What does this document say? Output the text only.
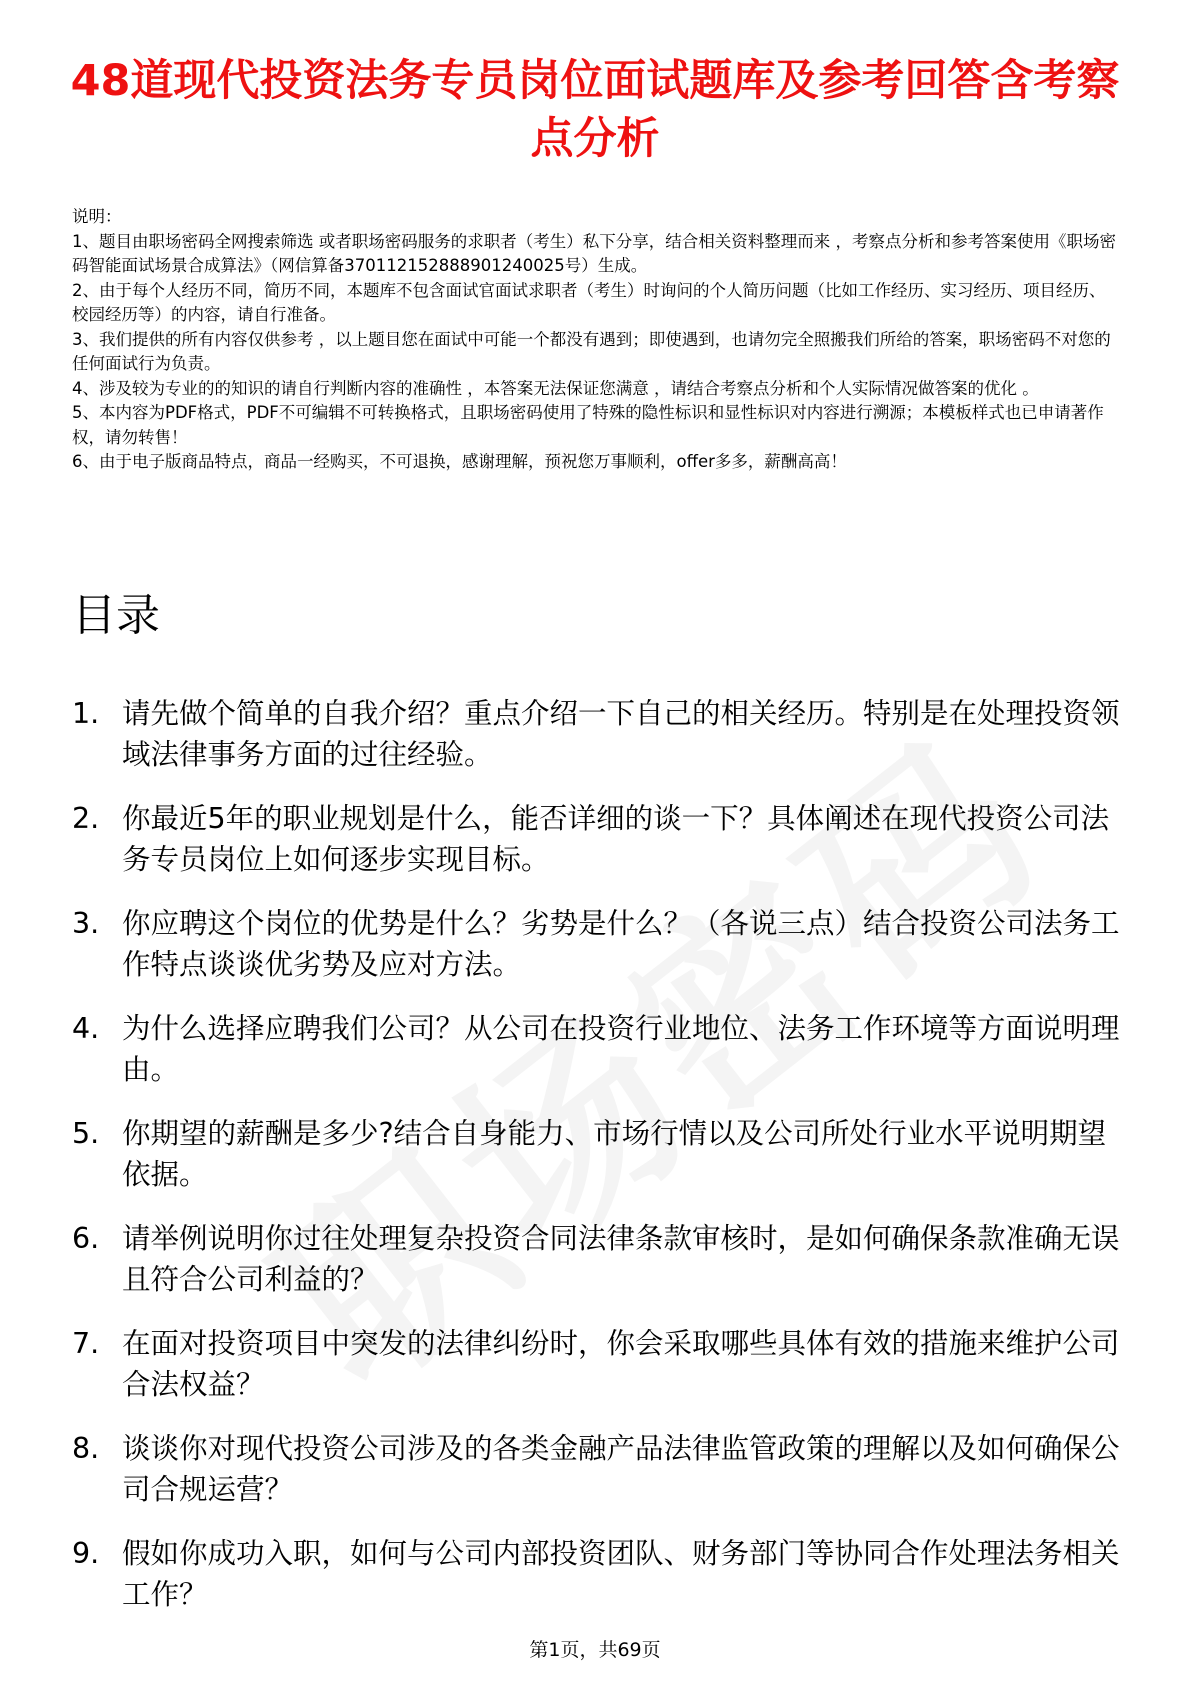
48道现代投资法务专员岗位面试题库及参考回答含考察点分析

说明：

1、题目由职场密码全网搜索筛选 或者职场密码服务的求职者（考生）私下分享，结合相关资料整理而来 ，考察点分析和参考答案使用《职场密码智能面试场景合成算法》（网信算备370112152888901240025号）生成。

2、由于每个人经历不同，简历不同，本题库不包含面试官面试求职者（考生）时询问的个人简历问题（比如工作经历、实习经历、项目经历、校园经历等）的内容，请自行准备。

3、我们提供的所有内容仅供参考 ，以上题目您在面试中可能一个都没有遇到；即使遇到，也请勿完全照搬我们所给的答案，职场密码不对您的任何面试行为负责。

4、涉及较为专业的的知识的请自行判断内容的准确性 ，本答案无法保证您满意 ，请结合考察点分析和个人实际情况做答案的优化 。

5、本内容为PDF格式，PDF不可编辑不可转换格式，且职场密码使用了特殊的隐性标识和显性标识对内容进行溯源；本模板样式也已申请著作权，请勿转售！

6、由于电子版商品特点，商品一经购买，不可退换，感谢理解，预祝您万事顺利，offer多多，薪酬高高！

目录
1. 请先做个简单的自我介绍？重点介绍一下自己的相关经历。特别是在处理投资领域法律事务方面的过往经验。
2. 你最近5年的职业规划是什么，能否详细的谈一下？具体阐述在现代投资公司法务专员岗位上如何逐步实现目标。
3. 你应聘这个岗位的优势是什么？劣势是什么？（各说三点）结合投资公司法务工作特点谈谈优劣势及应对方法。
4. 为什么选择应聘我们公司？从公司在投资行业地位、法务工作环境等方面说明理由。
5. 你期望的薪酬是多少?结合自身能力、市场行情以及公司所处行业水平说明期望依据。
6. 请举例说明你过往处理复杂投资合同法律条款审核时，是如何确保条款准确无误且符合公司利益的？
7. 在面对投资项目中突发的法律纠纷时，你会采取哪些具体有效的措施来维护公司合法权益？
8. 谈谈你对现代投资公司涉及的各类金融产品法律监管政策的理解以及如何确保公司合规运营？
9. 假如你成功入职，如何与公司内部投资团队、财务部门等协同合作处理法务相关工作？
第1页，共69页
